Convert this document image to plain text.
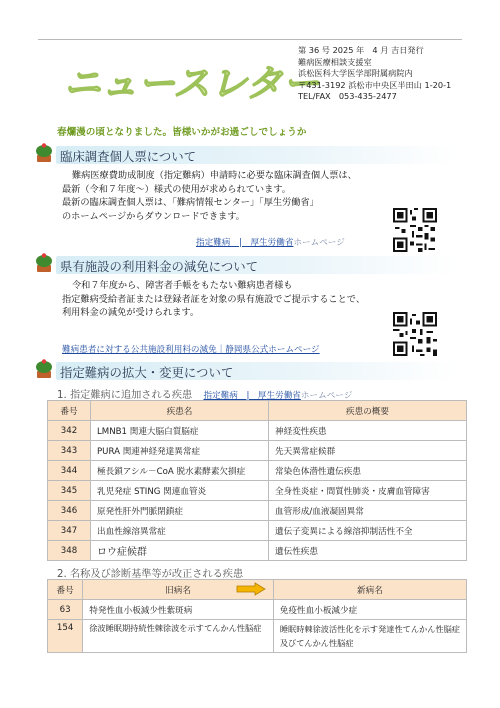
ニュースレター
第 36 号 2025 年　4 月 吉日発行
難病医療相談支援室
浜松医科大学医学部附属病院内
〒431-3192 浜松市中央区半田山 1-20-1
TEL/FAX　053-435-2477
春爛漫の頃となりました。皆様いかがお過ごしでしょうか
臨床調査個人票について
難病医療費助成制度（指定難病）申請時に必要な臨床調査個人票は、
最新（令和７年度〜）様式の使用が求められています。
最新の臨床調査個人票は、「難病情報センター」「厚生労働省」
のホームページからダウンロードできます。
指定難病　|　厚生労働省ホームページ
県有施設の利用料金の減免について
令和７年度から、障害者手帳をもたない難病患者様も
指定難病受給者証または登録者証を対象の県有施設でご提示することで、
利用料金の減免が受けられます。
難病患者に対する公共施設利用料の減免｜静岡県公式ホームページ
指定難病の拡大・変更について
1. 指定難病に追加される疾患 指定難病　|　厚生労働省ホームページ
番号	疾患名	疾患の概要
342	LMNB1 関連大脳白質脳症	神経変性疾患
343	PURA 関連神経発達異常症	先天異常症候群
344	極長鎖アシル－CoA 脱水素酵素欠損症	常染色体潜性遺伝疾患
345	乳児発症 STING 関連血管炎	全身性炎症・間質性肺炎・皮膚血管障害
346	原発性肝外門脈閉鎖症	血管形成/血液凝固異常
347	出血性線溶異常症	遺伝子変異による線溶抑制活性不全
348	ロウ症候群	遺伝性疾患
2. 名称及び診断基準等が改正される疾患
番号	旧病名	新病名
63	特発性血小板減少性紫斑病	免疫性血小板減少症
154	徐波睡眠期持続性棘徐波を示すてんかん性脳症	睡眠時棘徐波活性化を示す発達性てんかん性脳症
及びてんかん性脳症
